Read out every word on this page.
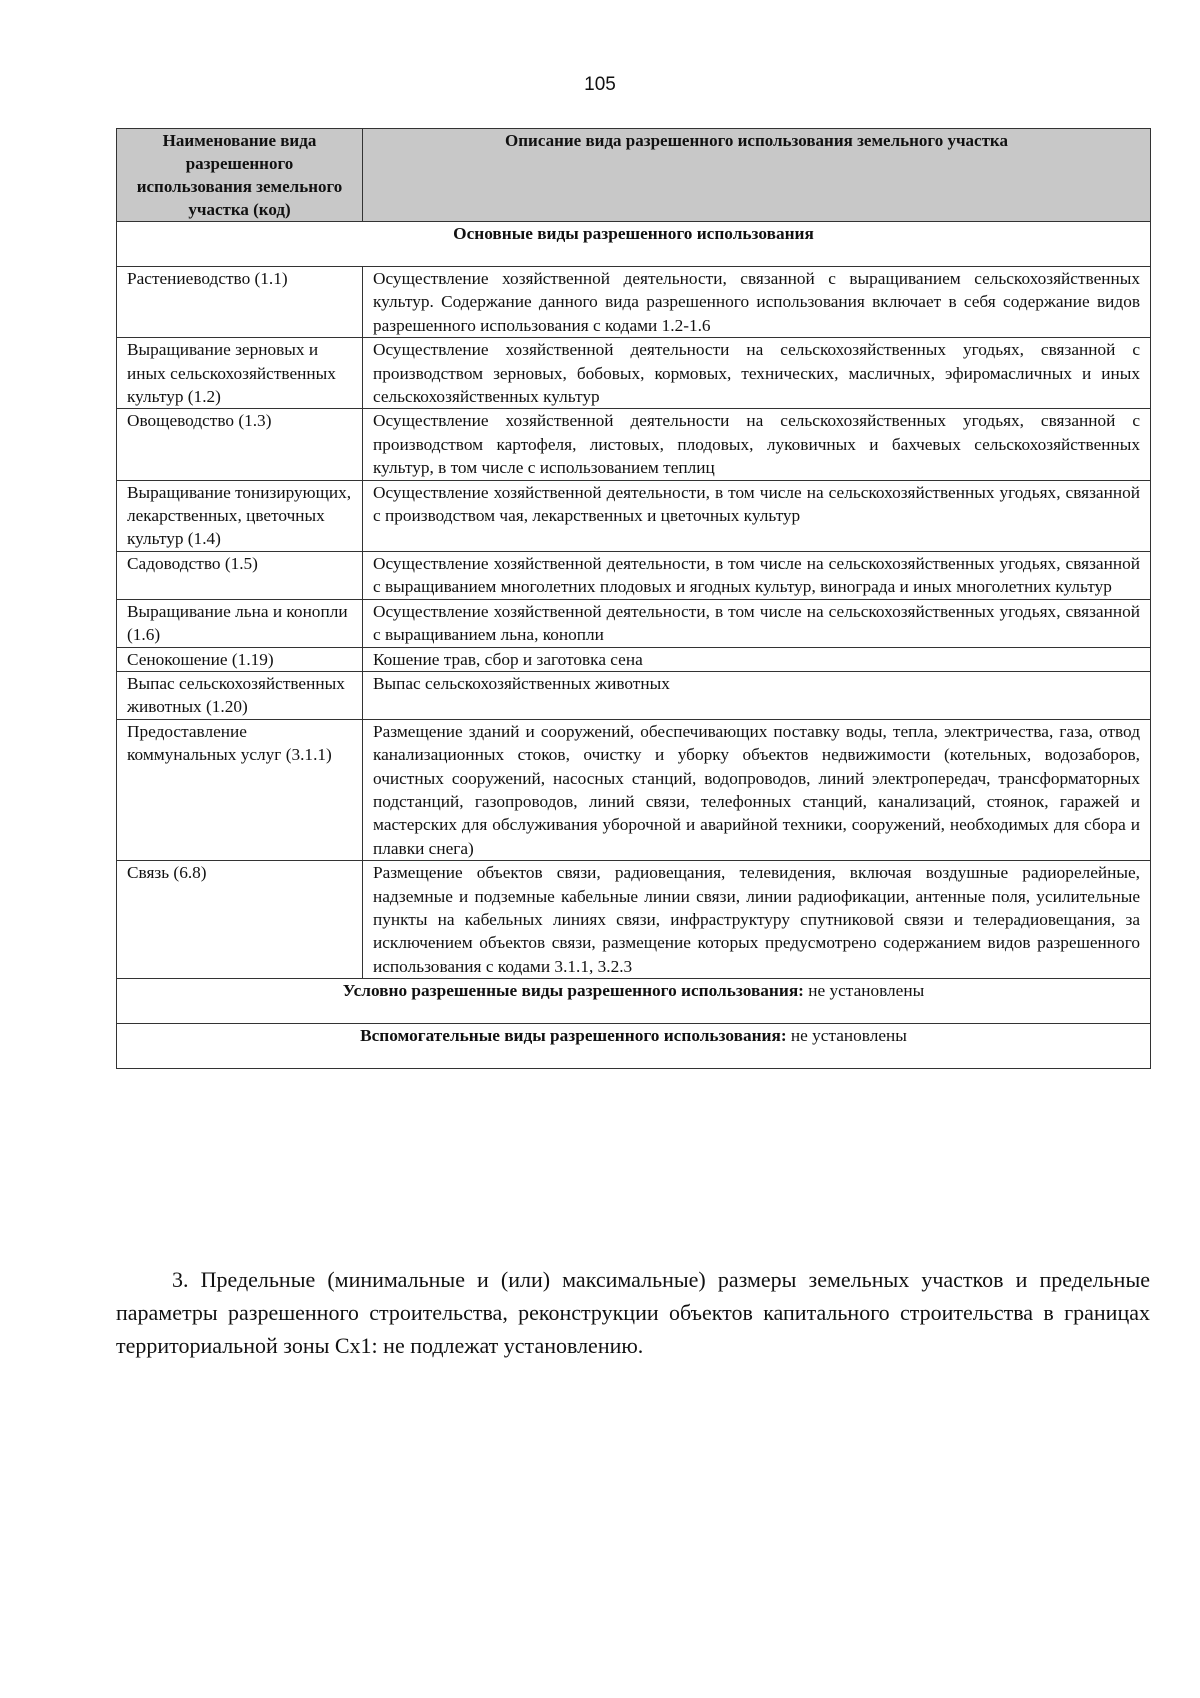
105
Наименование вида разрешенного использования земельного участка (код)	Описание вида разрешенного использования земельного участка
Основные виды разрешенного использования	
Растениеводство (1.1)	Осуществление хозяйственной деятельности, связанной с выращиванием сельскохозяйственных культур. Содержание данного вида разрешенного использования включает в себя содержание видов разрешенного использования с кодами 1.2-1.6
Выращивание зерновых и иных сельскохозяйственных культур (1.2)	Осуществление хозяйственной деятельности на сельскохозяйственных угодьях, связанной с производством зерновых, бобовых, кормовых, технических, масличных, эфиромасличных и иных сельскохозяйственных культур
Овощеводство (1.3)	Осуществление хозяйственной деятельности на сельскохозяйственных угодьях, связанной с производством картофеля, листовых, плодовых, луковичных и бахчевых сельскохозяйственных культур, в том числе с использованием теплиц
Выращивание тонизирующих, лекарственных, цветочных культур (1.4)	Осуществление хозяйственной деятельности, в том числе на сельскохозяйственных угодьях, связанной с производством чая, лекарственных и цветочных культур
Садоводство (1.5)	Осуществление хозяйственной деятельности, в том числе на сельскохозяйственных угодьях, связанной с выращиванием многолетних плодовых и ягодных культур, винограда и иных многолетних культур
Выращивание льна и конопли (1.6)	Осуществление хозяйственной деятельности, в том числе на сельскохозяйственных угодьях, связанной с выращиванием льна, конопли
Сенокошение (1.19)	Кошение трав, сбор и заготовка сена
Выпас сельскохозяйственных животных (1.20)	Выпас сельскохозяйственных животных
Предоставление коммунальных услуг (3.1.1)	Размещение зданий и сооружений, обеспечивающих поставку воды, тепла, электричества, газа, отвод канализационных стоков, очистку и уборку объектов недвижимости (котельных, водозаборов, очистных сооружений, насосных станций, водопроводов, линий электропередач, трансформаторных подстанций, газопроводов, линий связи, телефонных станций, канализаций, стоянок, гаражей и мастерских для обслуживания уборочной и аварийной техники, сооружений, необходимых для сбора и плавки снега)
Связь (6.8)	Размещение объектов связи, радиовещания, телевидения, включая воздушные радиорелейные, надземные и подземные кабельные линии связи, линии радиофикации, антенные поля, усилительные пункты на кабельных линиях связи, инфраструктуру спутниковой связи и телерадиовещания, за исключением объектов связи, размещение которых предусмотрено содержанием видов разрешенного использования с кодами 3.1.1, 3.2.3
Условно разрешенные виды разрешенного использования: не установлены	
Вспомогательные виды разрешенного использования: не установлены	
3. Предельные (минимальные и (или) максимальные) размеры земельных участков и предельные параметры разрешенного строительства, реконструкции объектов капитального строительства в границах территориальной зоны Сх1: не подлежат установлению.
